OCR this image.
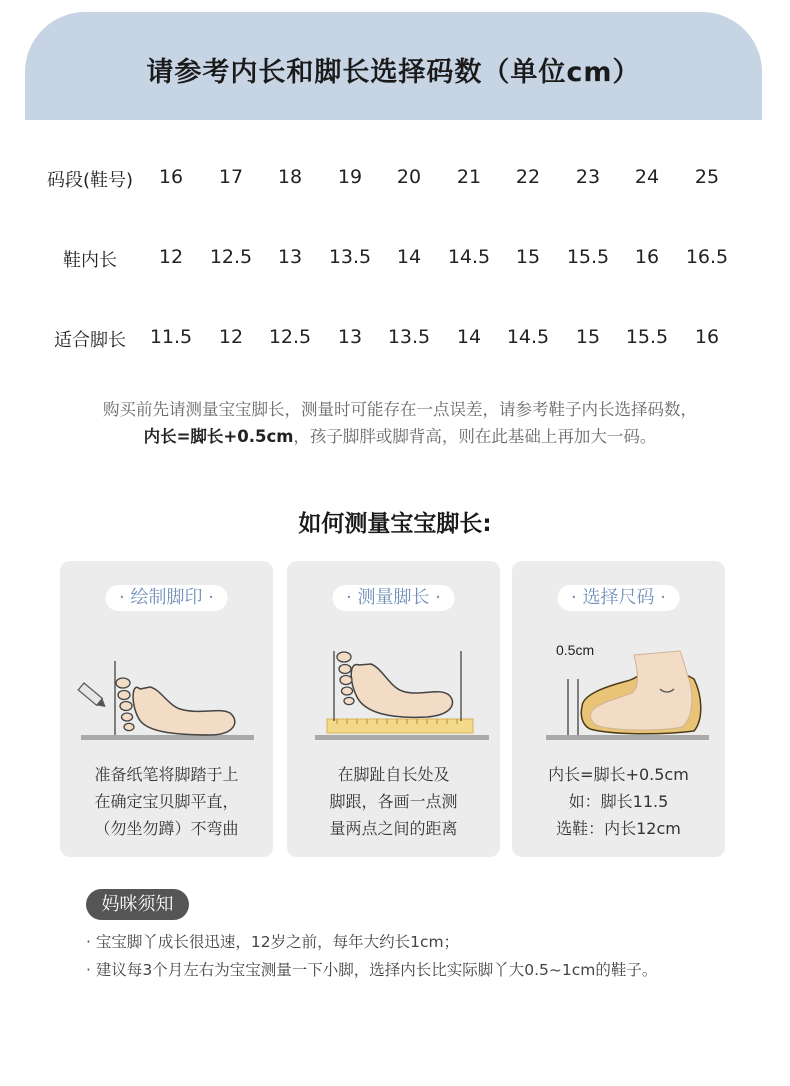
请参考内长和脚长选择码数（单位cm）
码段(鞋号)	16	17	18	19	20	21	22	23	24	25
鞋内长	12	12.5	13	13.5	14	14.5	15	15.5	16	16.5
适合脚长	11.5	12	12.5	13	13.5	14	14.5	15	15.5	16
购买前先请测量宝宝脚长，测量时可能存在一点误差，请参考鞋子内长选择码数，
内长=脚长+0.5cm，孩子脚胖或脚背高，则在此基础上再加大一码。
如何测量宝宝脚长:
· 绘制脚印 ·
准备纸笔将脚踏于上
在确定宝贝脚平直，
（勿坐勿蹲）不弯曲
· 测量脚长 ·
在脚趾自长处及
脚跟，各画一点测
量两点之间的距离
· 选择尺码 ·
0.5cm
内长=脚长+0.5cm
如：脚长11.5
选鞋：内长12cm
妈咪须知
· 宝宝脚丫成长很迅速，12岁之前，每年大约长1cm；
· 建议每3个月左右为宝宝测量一下小脚，选择内长比实际脚丫大0.5~1cm的鞋子。
